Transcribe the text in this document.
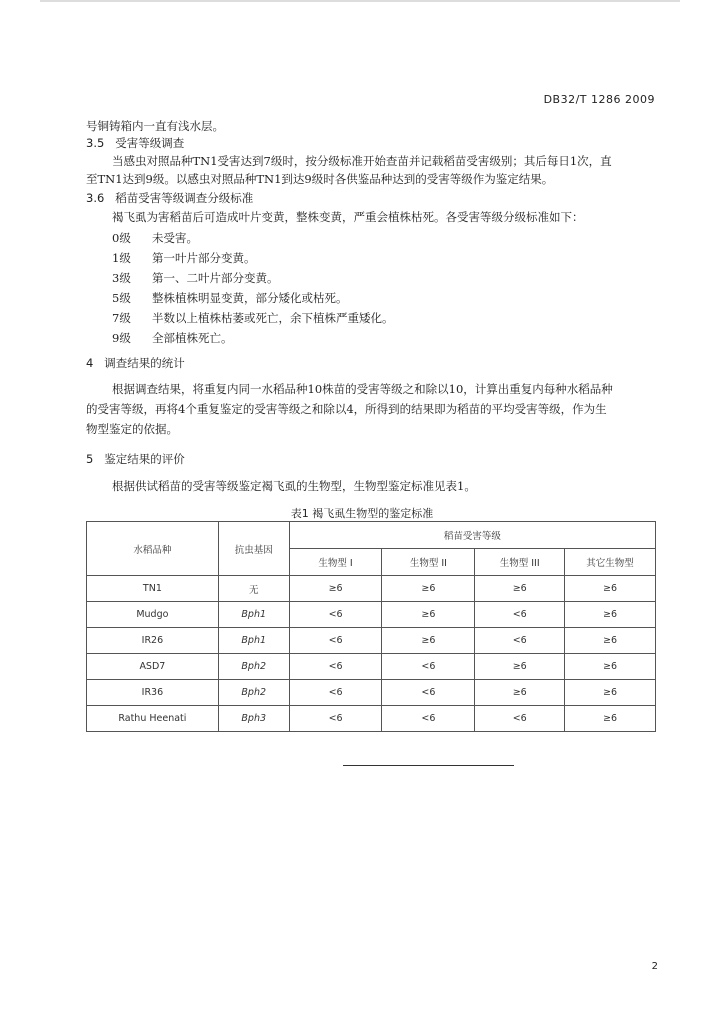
DB32/T 1286 2009
号铜铸箱内一直有浅水层。
3.5 受害等级调查
当感虫对照品种TN1受害达到7级时，按分级标准开始查苗并记载稻苗受害级别；其后每日1次，直
至TN1达到9级。以感虫对照品种TN1到达9级时各供鉴品种达到的受害等级作为鉴定结果。
3.6 稻苗受害等级调查分级标准
褐飞虱为害稻苗后可造成叶片变黄，整株变黄，严重会植株枯死。各受害等级分级标准如下：
0级 未受害。
1级 第一叶片部分变黄。
3级 第一、二叶片部分变黄。
5级 整株植株明显变黄，部分矮化或枯死。
7级 半数以上植株枯萎或死亡，余下植株严重矮化。
9级 全部植株死亡。
4 调查结果的统计
根据调查结果，将重复内同一水稻品种10株苗的受害等级之和除以10，计算出重复内每种水稻品种
的受害等级，再将4个重复鉴定的受害等级之和除以4，所得到的结果即为稻苗的平均受害等级，作为生
物型鉴定的依据。
5 鉴定结果的评价
根据供试稻苗的受害等级鉴定褐飞虱的生物型，生物型鉴定标准见表1。
表1 褐飞虱生物型的鉴定标准
水稻品种	抗虫基因	稻苗受害等级			
		生物型 I	生物型 II	生物型 III	其它生物型
TN1	无	≥6	≥6	≥6	≥6
Mudgo	Bph1	<6	≥6	<6	≥6
IR26	Bph1	<6	≥6	<6	≥6
ASD7	Bph2	<6	<6	≥6	≥6
IR36	Bph2	<6	<6	≥6	≥6
Rathu Heenati	Bph3	<6	<6	<6	≥6
2
